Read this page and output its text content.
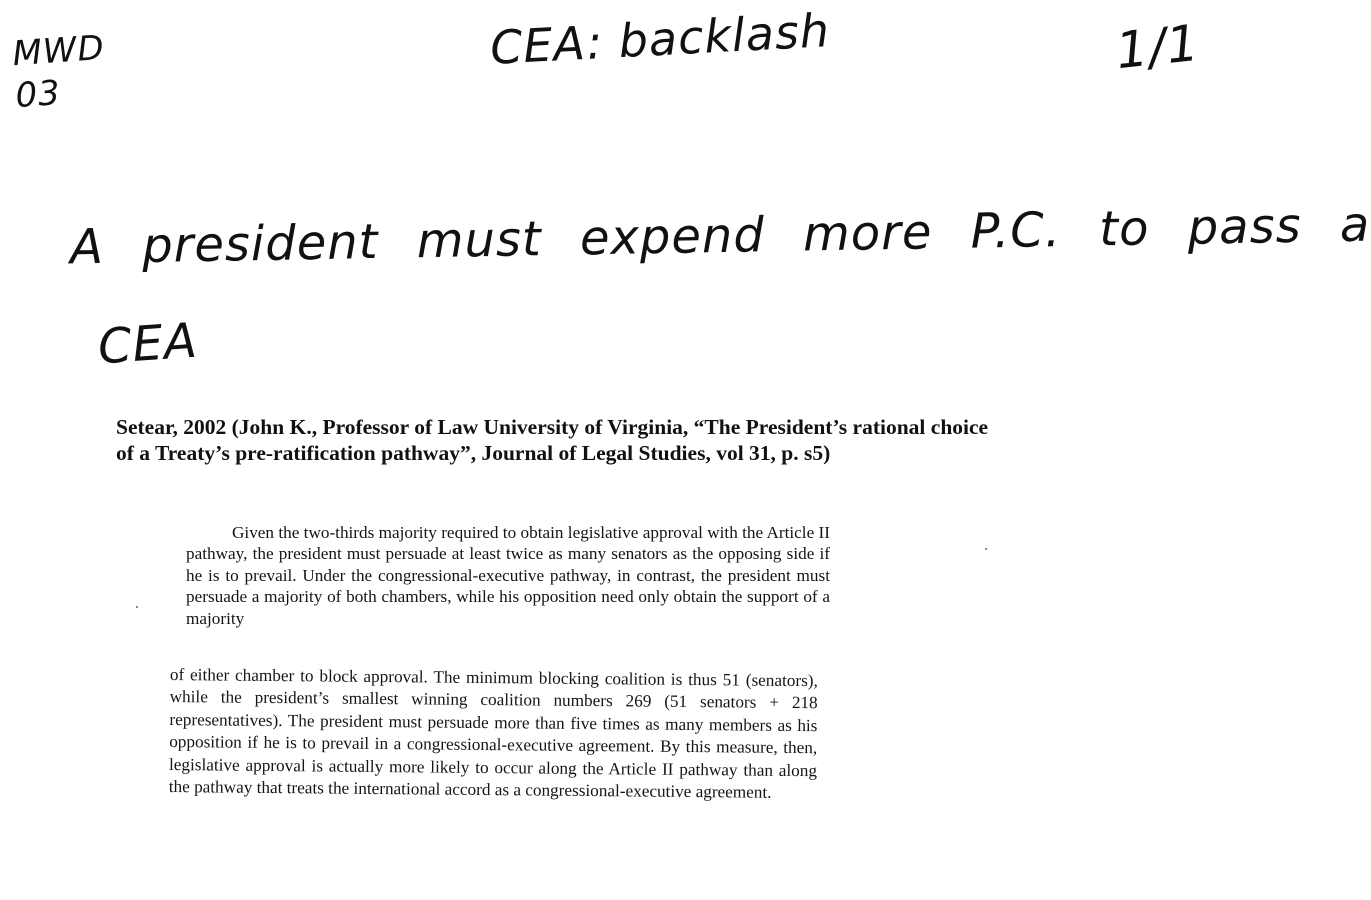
MWD
03
CEA: backlash	1/1
A president must expend more P.C. to pass a
CEA
Setear, 2002 (John K., Professor of Law University of Virginia, “The President’s rational choice of a Treaty’s pre-ratification pathway”, Journal of Legal Studies, vol 31, p. s5)

Given the two-thirds majority required to obtain legislative approval with the Article II pathway, the president must persuade at least twice as many senators as the opposing side if he is to prevail. Under the congressional-executive pathway, in contrast, the president must persuade a majority of both chambers, while his opposition need only obtain the support of a majority

of either chamber to block approval. The minimum blocking coalition is thus 51 (senators), while the president’s smallest winning coalition numbers 269 (51 senators + 218 representatives). The president must persuade more than five times as many members as his opposition if he is to prevail in a congressional-executive agreement. By this measure, then, legislative approval is actually more likely to occur along the Article II pathway than along the pathway that treats the international accord as a congressional-executive agreement.
